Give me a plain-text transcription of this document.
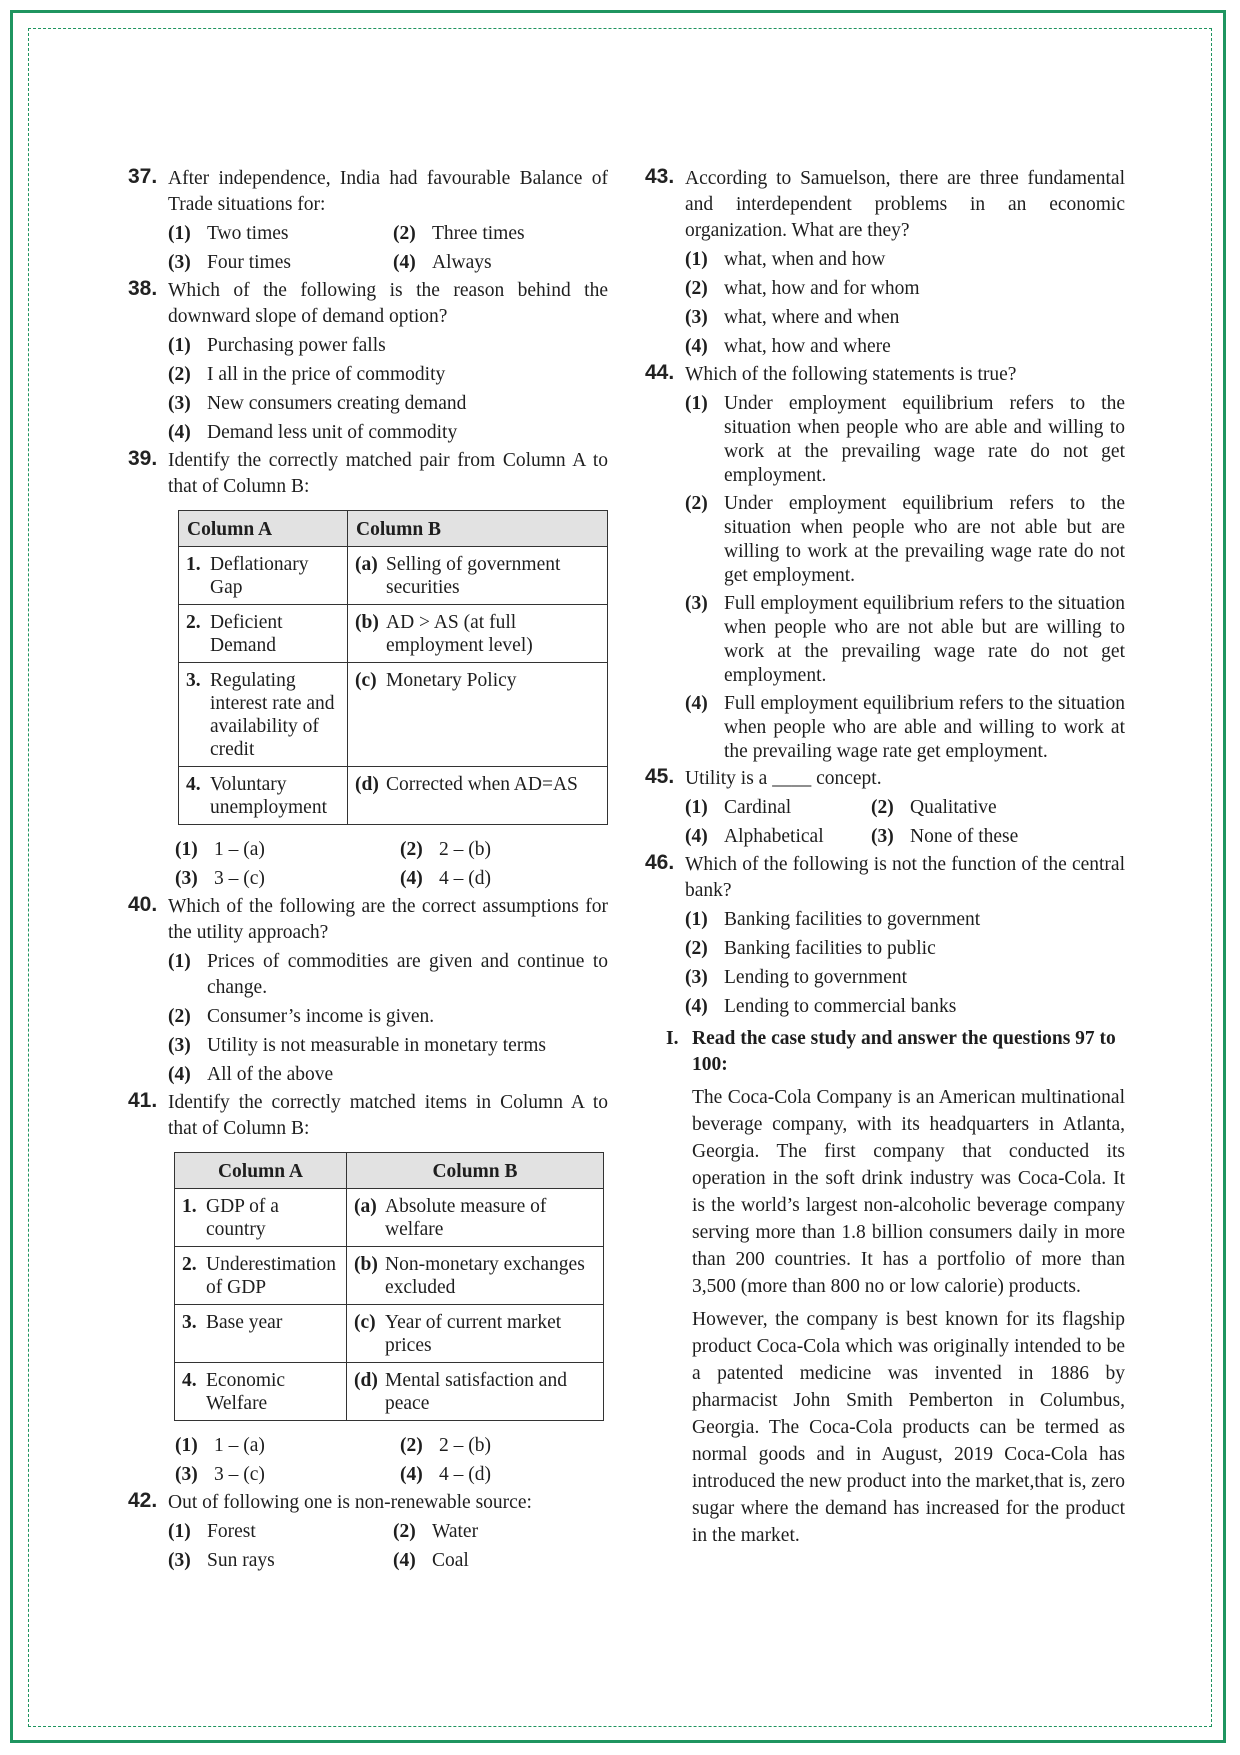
37. After independence, India had favourable Balance of Trade situations for:
(1) Two times	(2) Three times
(3) Four times	(4) Always
38. Which of the following is the reason behind the downward slope of demand option?
(1) Purchasing power falls
(2) I all in the price of commodity
(3) New consumers creating demand
(4) Demand less unit of commodity
39. Identify the correctly matched pair from Column A to that of Column B:
Column A	Column B

1. Deflationary Gap	(a) Selling of government securities

2. Deficient Demand	(b) AD > AS (at full employment level)

3. Regulating interest rate and availability of credit	(c) Monetary Policy

4. Voluntary unemployment	(d) Corrected when AD=AS
(1) 1 – (a)	(2) 2 – (b)
(3) 3 – (c)	(4) 4 – (d)
40. Which of the following are the correct assumptions for the utility approach?
(1) Prices of commodities are given and continue to change.
(2) Consumer’s income is given.
(3) Utility is not measurable in monetary terms
(4) All of the above
41. Identify the correctly matched items in Column A to that of Column B:
Column A	Column B

1. GDP of a country	(a) Absolute measure of welfare

2. Underestimation of GDP	(b) Non-monetary exchanges excluded

3. Base year	(c) Year of current market prices

4. Economic Welfare	(d) Mental satisfaction and peace
(1) 1 – (a)	(2) 2 – (b)
(3) 3 – (c)	(4) 4 – (d)
42. Out of following one is non-renewable source:
(1) Forest	(2) Water
(3) Sun rays	(4) Coal
43. According to Samuelson, there are three fundamental and interdependent problems in an economic organization. What are they?
(1) what, when and how
(2) what, how and for whom
(3) what, where and when
(4) what, how and where
44. Which of the following statements is true?
(1) Under employment equilibrium refers to the situation when people who are able and willing to work at the prevailing wage rate do not get employment.
(2) Under employment equilibrium refers to the situation when people who are not able but are willing to work at the prevailing wage rate do not get employment.
(3) Full employment equilibrium refers to the situation when people who are not able but are willing to work at the prevailing wage rate do not get employment.
(4) Full employment equilibrium refers to the situation when people who are able and willing to work at the prevailing wage rate get employment.
45. Utility is a ____ concept.
(1) Cardinal	(2) Qualitative
(4) Alphabetical	(3) None of these
46. Which of the following is not the function of the central bank?
(1) Banking facilities to government
(2) Banking facilities to public
(3) Lending to government
(4) Lending to commercial banks
I. Read the case study and answer the questions 97 to 100:
The Coca-Cola Company is an American multinational beverage company, with its headquarters in Atlanta, Georgia. The first company that conducted its operation in the soft drink industry was Coca-Cola. It is the world’s largest non-alcoholic beverage company serving more than 1.8 billion consumers daily in more than 200 countries. It has a portfolio of more than 3,500 (more than 800 no or low calorie) products.
However, the company is best known for its flagship product Coca-Cola which was originally intended to be a patented medicine was invented in 1886 by pharmacist John Smith Pemberton in Columbus, Georgia. The Coca-Cola products can be termed as normal goods and in August, 2019 Coca-Cola has introduced the new product into the market,that is, zero sugar where the demand has increased for the product in the market.
